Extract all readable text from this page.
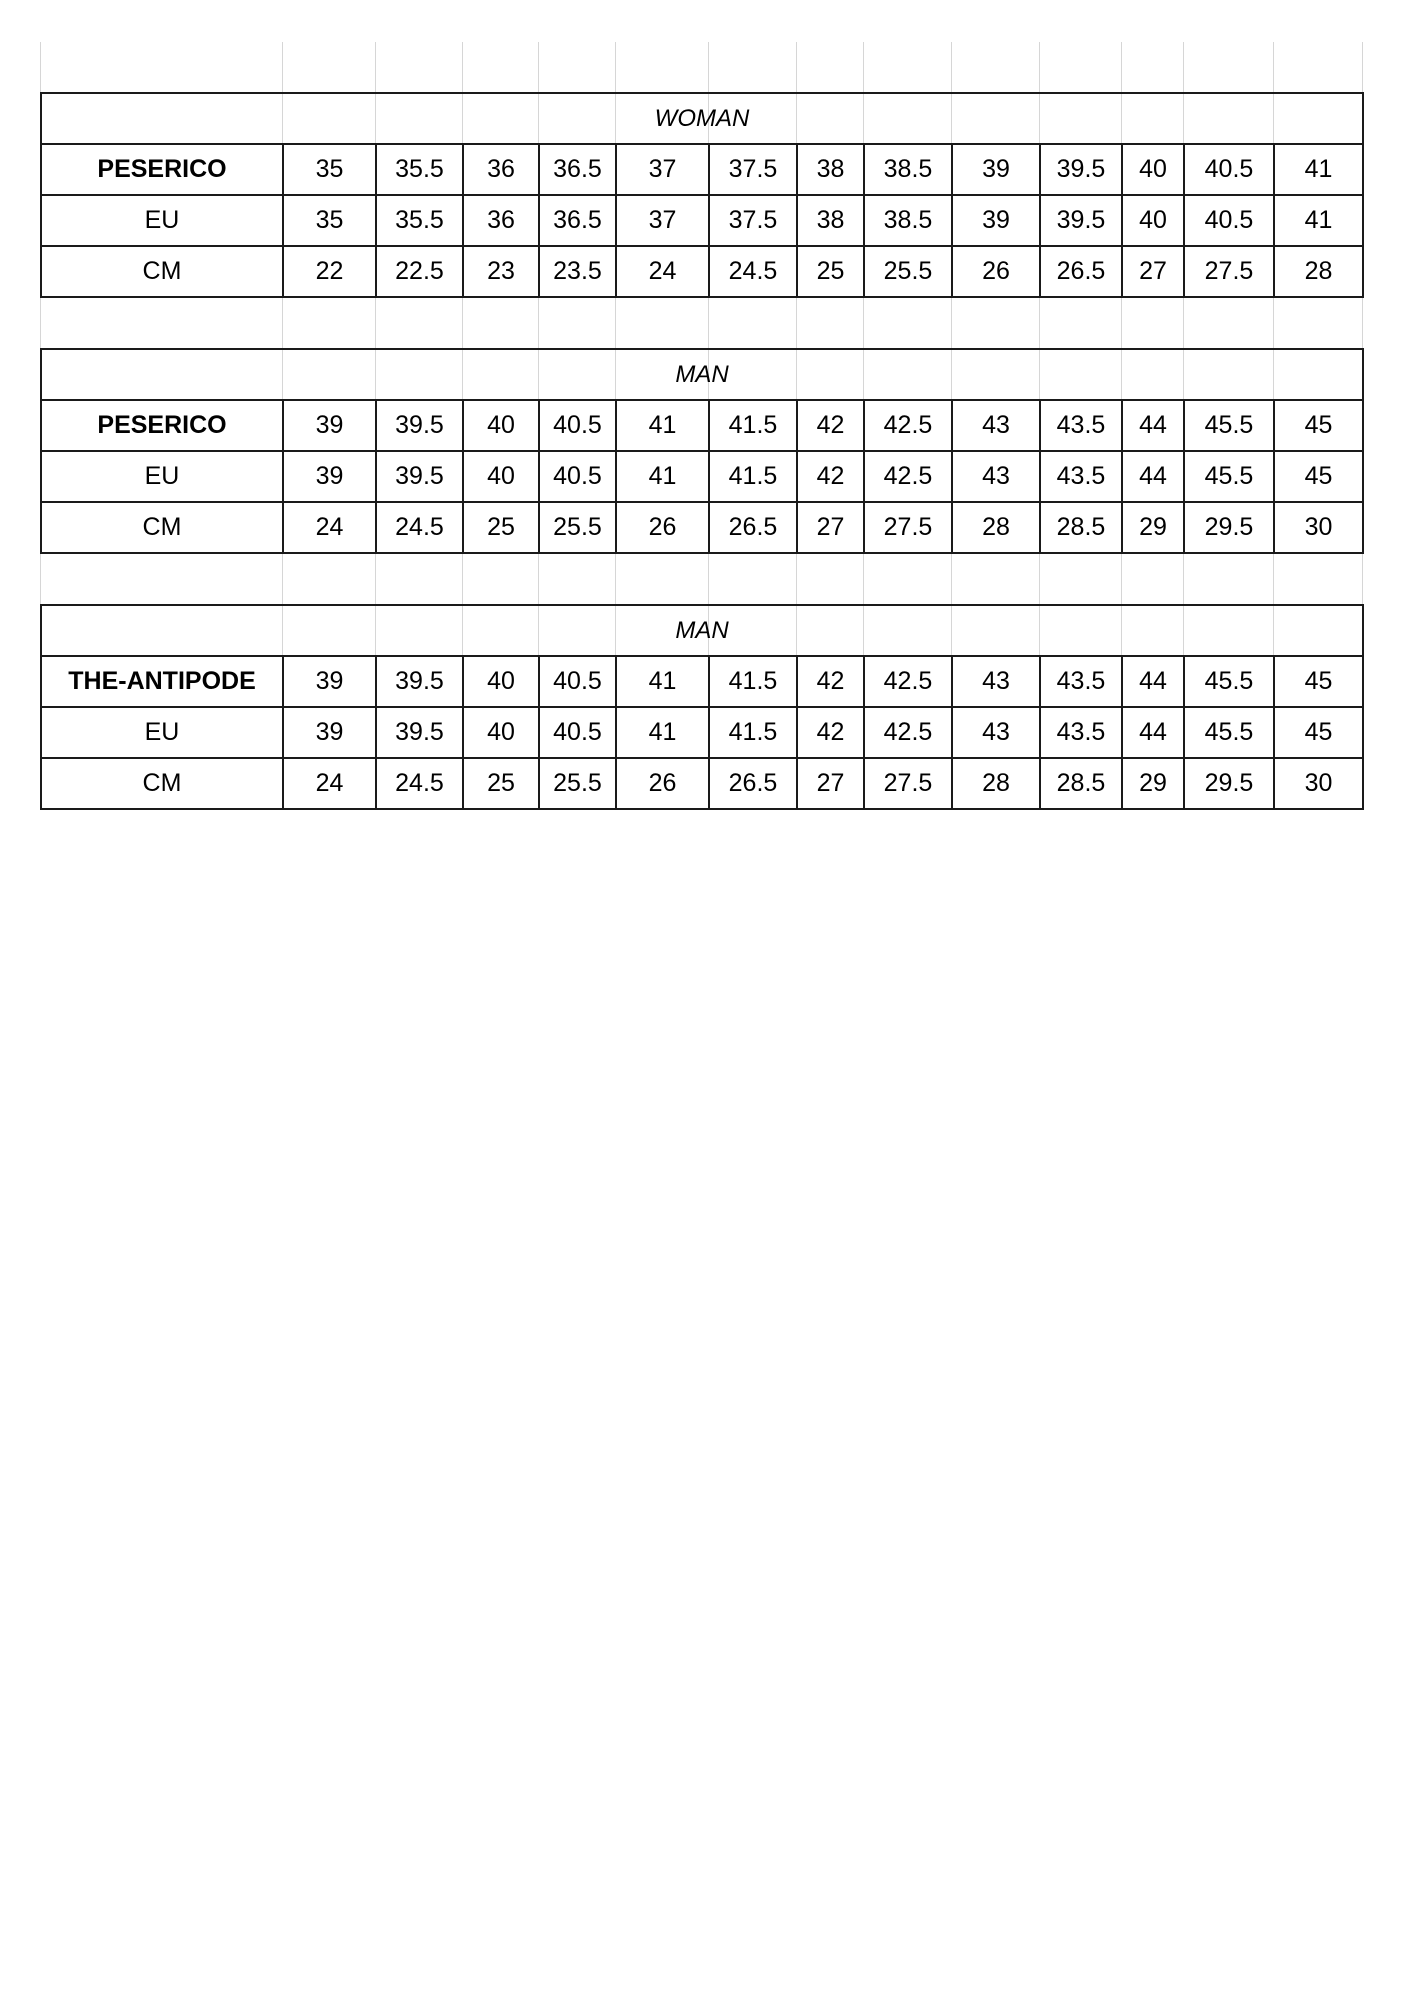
WOMAN													
PESERICO	35	35.5	36	36.5	37	37.5	38	38.5	39	39.5	40	40.5	41
EU	35	35.5	36	36.5	37	37.5	38	38.5	39	39.5	40	40.5	41
CM	22	22.5	23	23.5	24	24.5	25	25.5	26	26.5	27	27.5	28

MAN													
PESERICO	39	39.5	40	40.5	41	41.5	42	42.5	43	43.5	44	45.5	45
EU	39	39.5	40	40.5	41	41.5	42	42.5	43	43.5	44	45.5	45
CM	24	24.5	25	25.5	26	26.5	27	27.5	28	28.5	29	29.5	30

MAN													
THE-ANTIPODE	39	39.5	40	40.5	41	41.5	42	42.5	43	43.5	44	45.5	45
EU	39	39.5	40	40.5	41	41.5	42	42.5	43	43.5	44	45.5	45
CM	24	24.5	25	25.5	26	26.5	27	27.5	28	28.5	29	29.5	30
